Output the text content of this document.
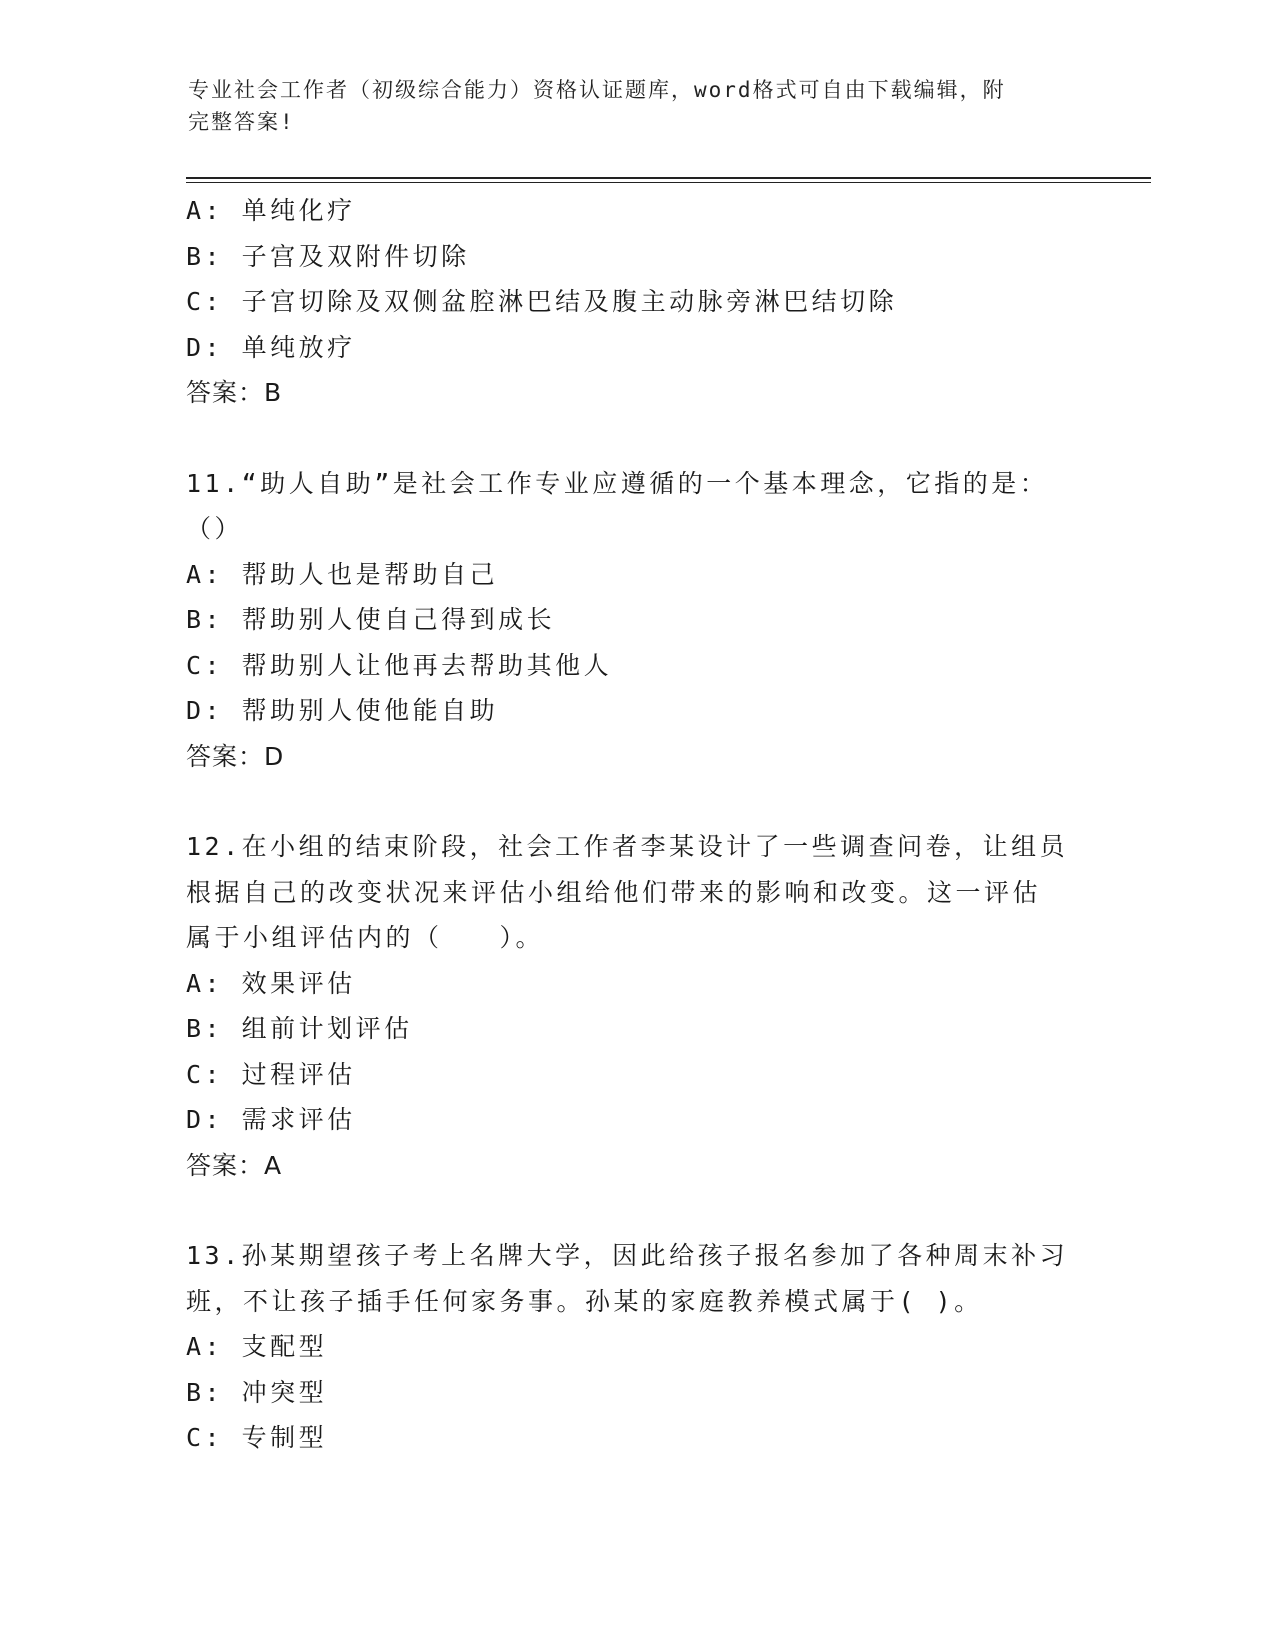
专业社会工作者（初级综合能力）资格认证题库，word格式可自由下载编辑，附
完整答案!
A: 单纯化疗
B: 子宫及双附件切除
C: 子宫切除及双侧盆腔淋巴结及腹主动脉旁淋巴结切除
D: 单纯放疗
答案：B
11.“助人自助”是社会工作专业应遵循的一个基本理念，它指的是：
（）
A: 帮助人也是帮助自己
B: 帮助别人使自己得到成长
C: 帮助别人让他再去帮助其他人
D: 帮助别人使他能自助
答案：D
12.在小组的结束阶段，社会工作者李某设计了一些调查问卷，让组员
根据自己的改变状况来评估小组给他们带来的影响和改变。这一评估
属于小组评估内的（　　）。
A: 效果评估
B: 组前计划评估
C: 过程评估
D: 需求评估
答案：A
13.孙某期望孩子考上名牌大学，因此给孩子报名参加了各种周末补习
班，不让孩子插手任何家务事。孙某的家庭教养模式属于( )。
A: 支配型
B: 冲突型
C: 专制型
